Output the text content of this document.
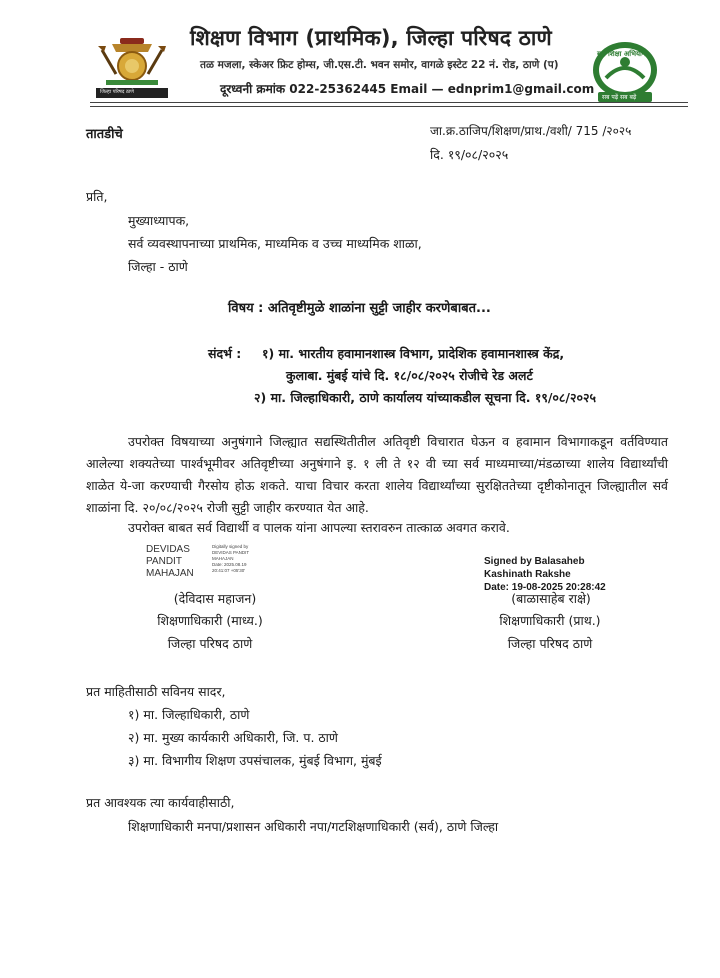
जिल्हा परिषद ठाणे
सर्व शिक्षा अभियान
सब पढ़ें सब बढ़ें
शिक्षण विभाग (प्राथमिक), जिल्हा परिषद ठाणे
तळ मजला, स्केअर फ्रिट होम्स, जी.एस.टी. भवन समोर, वागळे इस्टेट 22 नं. रोड, ठाणे (प)
दूरध्वनी क्रमांक 022-25362445 Email — ednprim1@gmail.com
तातडीचे	जा.क्र.ठाजिप/शिक्षण/प्राथ./वशी/ 715 /२०२५
दि. १९/०८/२०२५
प्रति,
मुख्याध्यापक,
सर्व व्यवस्थापनाच्या प्राथमिक, माध्यमिक व उच्च माध्यमिक शाळा,
जिल्हा - ठाणे
विषय : अतिवृष्टीमुळे शाळांना सुट्टी जाहीर करणेबाबत...
संदर्भ : १) मा. भारतीय हवामानशास्त्र विभाग, प्रादेशिक हवामानशास्त्र केंद्र,
कुलाबा. मुंबई यांचे दि. १८/०८/२०२५ रोजीचे रेड अलर्ट
२) मा. जिल्हाधिकारी, ठाणे कार्यालय यांच्याकडील सूचना दि. १९/०८/२०२५
उपरोक्त विषयाच्या अनुषंगाने जिल्ह्यात सद्यस्थितीतील अतिवृष्टी विचारात घेऊन व हवामान विभागाकडून वर्तविण्यात आलेल्या शक्यतेच्या पार्श्वभूमीवर अतिवृष्टीच्या अनुषंगाने इ. १ ली ते १२ वी च्या सर्व माध्यमाच्या/मंडळाच्या शालेय विद्यार्थ्यांची शाळेत ये-जा करण्याची गैरसोय होऊ शकते. याचा विचार करता शालेय विद्यार्थ्यांच्या सुरक्षिततेच्या दृष्टीकोनातून जिल्ह्यातील सर्व शाळांना दि. २०/०८/२०२५ रोजी सुट्टी जाहीर करण्यात येत आहे.
उपरोक्त बाबत सर्व विद्यार्थी व पालक यांना आपल्या स्तरावरुन तात्काळ अवगत करावे.
DEVIDAS
PANDIT
MAHAJAN
Digitally signed by
DEVIDAS PANDIT
MAHAJAN
Date: 2025.08.19
20:41:07 +05'30'
(देविदास महाजन)
शिक्षणाधिकारी (माध्य.)
जिल्हा परिषद ठाणे
Signed by Balasaheb
Kashinath Rakshe
Date: 19-08-2025 20:28:42
(बाळासाहेब राक्षे)
शिक्षणाधिकारी (प्राथ.)
जिल्हा परिषद ठाणे
प्रत माहितीसाठी सविनय सादर,
१) मा. जिल्हाधिकारी, ठाणे
२) मा. मुख्य कार्यकारी अधिकारी, जि. प. ठाणे
३) मा. विभागीय शिक्षण उपसंचालक, मुंबई विभाग, मुंबई
प्रत आवश्यक त्या कार्यवाहीसाठी,
शिक्षणाधिकारी मनपा/प्रशासन अधिकारी नपा/गटशिक्षणाधिकारी (सर्व), ठाणे जिल्हा
